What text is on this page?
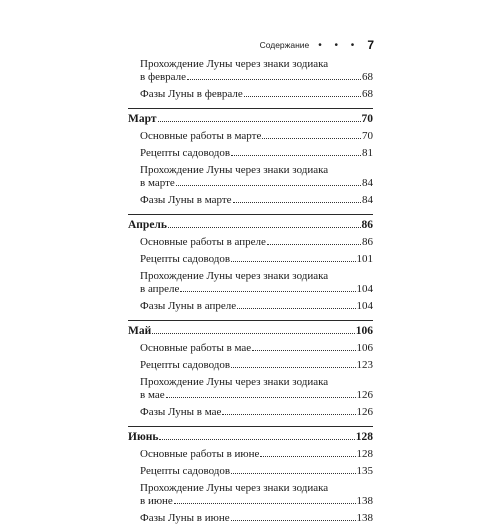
Содержание • • • 7
Прохождение Луны через знаки зодиака
в феврале	68
Фазы Луны в феврале	68
Март	70
Основные работы в марте	70
Рецепты садоводов	81
Прохождение Луны через знаки зодиака
в марте	84
Фазы Луны в марте	84
Апрель	86
Основные работы в апреле	86
Рецепты садоводов	101
Прохождение Луны через знаки зодиака
в апреле	104
Фазы Луны в апреле	104
Май	106
Основные работы в мае	106
Рецепты садоводов	123
Прохождение Луны через знаки зодиака
в мае	126
Фазы Луны в мае	126
Июнь	128
Основные работы в июне	128
Рецепты садоводов	135
Прохождение Луны через знаки зодиака
в июне	138
Фазы Луны в июне	138
